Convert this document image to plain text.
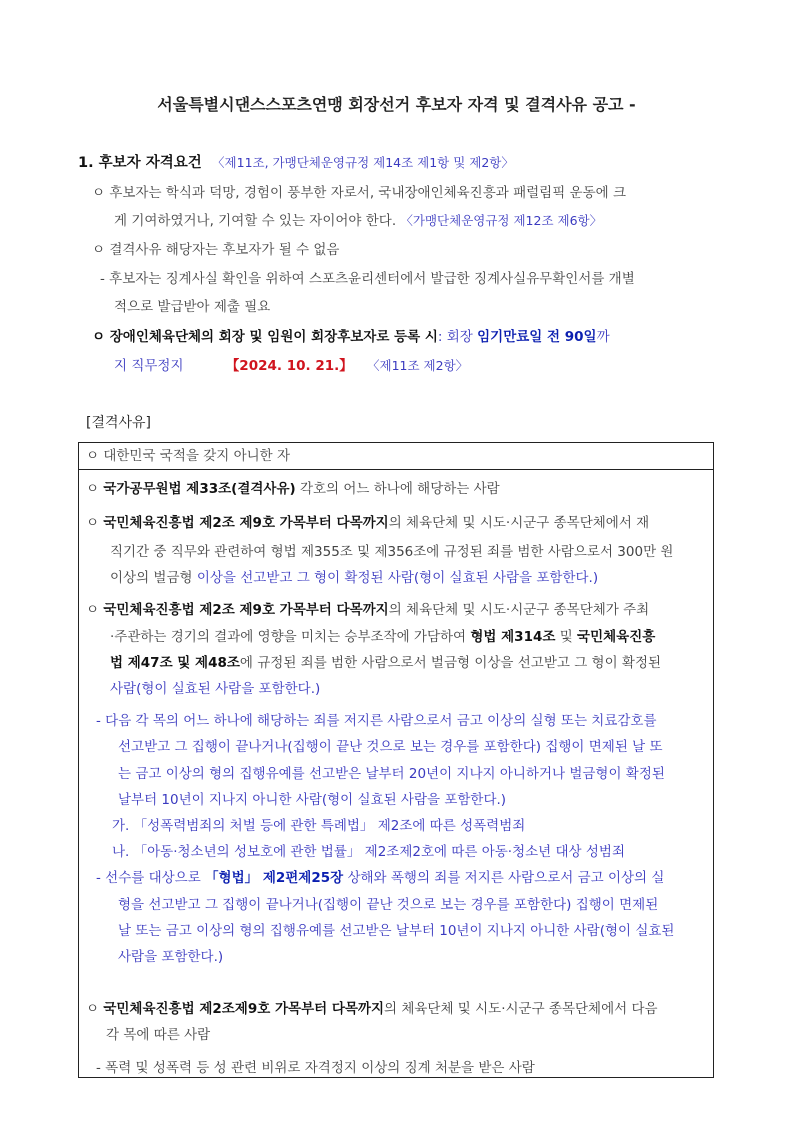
서울특별시댄스스포츠연맹 회장선거 후보자 자격 및 결격사유 공고 -

1. 후보자 자격요건 〈제11조, 가맹단체운영규정 제14조 제1항 및 제2항〉

ㅇ 후보자는 학식과 덕망, 경험이 풍부한 자로서, 국내장애인체육진흥과 패럴림픽 운동에 크

게 기여하였거나, 기여할 수 있는 자이어야 한다. 〈가맹단체운영규정 제12조 제6항〉

ㅇ 결격사유 해당자는 후보자가 될 수 없음

- 후보자는 징계사실 확인을 위하여 스포츠윤리센터에서 발급한 징계사실유무확인서를 개별

적으로 발급받아 제출 필요

ㅇ 장애인체육단체의 회장 및 임원이 회장후보자로 등록 시: 회장 임기만료일 전 90일까

지 직무정지	【2024. 10. 21.】 〈제11조 제2항〉

[결격사유]

ㅇ 대한민국 국적을 갖지 아니한 자

ㅇ 국가공무원법 제33조(결격사유) 각호의 어느 하나에 해당하는 사람

ㅇ 국민체육진흥법 제2조 제9호 가목부터 다목까지의 체육단체 및 시도·시군구 종목단체에서 재

직기간 중 직무와 관련하여 형법 제355조 및 제356조에 규정된 죄를 범한 사람으로서 300만 원

이상의 벌금형 이상을 선고받고 그 형이 확정된 사람(형이 실효된 사람을 포함한다.)

ㅇ 국민체육진흥법 제2조 제9호 가목부터 다목까지의 체육단체 및 시도·시군구 종목단체가 주최

·주관하는 경기의 결과에 영향을 미치는 승부조작에 가담하여 형법 제314조 및 국민체육진흥

법 제47조 및 제48조에 규정된 죄를 범한 사람으로서 벌금형 이상을 선고받고 그 형이 확정된

사람(형이 실효된 사람을 포함한다.)

- 다음 각 목의 어느 하나에 해당하는 죄를 저지른 사람으로서 금고 이상의 실형 또는 치료감호를

선고받고 그 집행이 끝나거나(집행이 끝난 것으로 보는 경우를 포함한다) 집행이 면제된 날 또

는 금고 이상의 형의 집행유예를 선고받은 날부터 20년이 지나지 아니하거나 벌금형이 확정된

날부터 10년이 지나지 아니한 사람(형이 실효된 사람을 포함한다.)

가. 「성폭력범죄의 처벌 등에 관한 특례법」 제2조에 따른 성폭력범죄

나. 「아동·청소년의 성보호에 관한 법률」 제2조제2호에 따른 아동·청소년 대상 성범죄

- 선수를 대상으로 「형법」 제2편제25장 상해와 폭행의 죄를 저지른 사람으로서 금고 이상의 실

형을 선고받고 그 집행이 끝나거나(집행이 끝난 것으로 보는 경우를 포함한다) 집행이 면제된

날 또는 금고 이상의 형의 집행유예를 선고받은 날부터 10년이 지나지 아니한 사람(형이 실효된

사람을 포함한다.)

ㅇ 국민체육진흥법 제2조제9호 가목부터 다목까지의 체육단체 및 시도·시군구 종목단체에서 다음

각 목에 따른 사람

- 폭력 및 성폭력 등 성 관련 비위로 자격정지 이상의 징계 처분을 받은 사람
